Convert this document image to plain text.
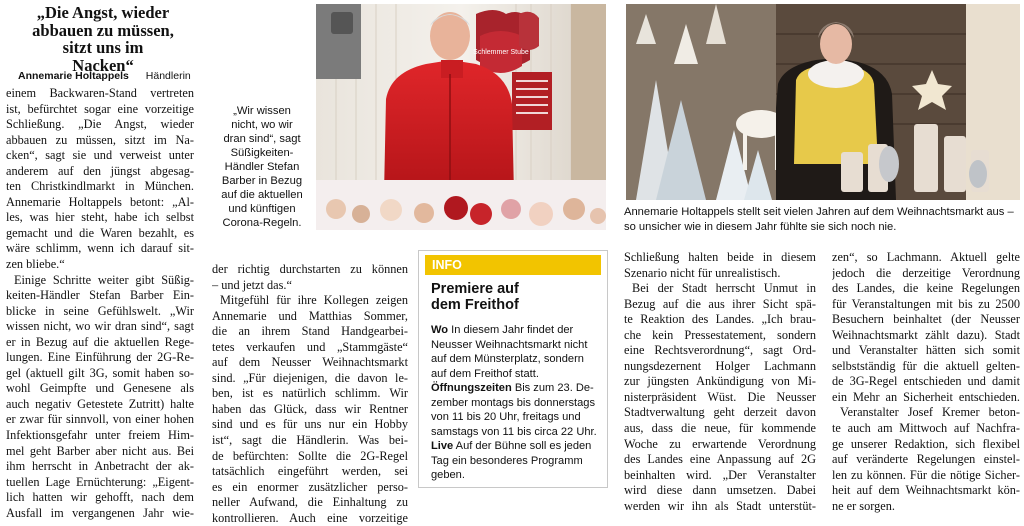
„Die Angst, wieder
abbauen zu müssen,
sitzt uns im
Nacken“
Annemarie Holtappels Händlerin
einem Backwaren-Stand vertreten
ist, befürchtet sogar eine vorzeitige
Schließung. „Die Angst, wieder
abbauen zu müssen, sitzt im Na-
cken“, sagt sie und verweist unter
anderem auf den jüngst abgesag-
ten Christkindlmarkt in München.
Annemarie Holtappels betont: „Al-
les, was hier steht, habe ich selbst
gemacht und die Waren bezahlt, es
wäre schlimm, wenn ich darauf sit-
zen bliebe.“
Einige Schritte weiter gibt Süßig-
keiten-Händler Stefan Barber Ein-
blicke in seine Gefühlswelt. „Wir
wissen nicht, wo wir dran sind“, sagt
er in Bezug auf die aktuellen Rege-
lungen. Eine Einführung der 2G-Re-
gel (aktuell gilt 3G, somit haben so-
wohl Geimpfte und Genesene als
auch negativ Getestete Zutritt) halte
er zwar für sinnvoll, von einer hohen
Infektionsgefahr unter freiem Him-
mel geht Barber aber nicht aus. Bei
ihm herrscht in Anbetracht der ak-
tuellen Lage Ernüchterung: „Eigent-
lich hatten wir gehofft, nach dem
Ausfall im vergangenen Jahr wie-
„Wir wissen
nicht, wo wir
dran sind“, sagt
Süßigkeiten-
Händler Stefan
Barber in Bezug
auf die aktuellen
und künftigen
Corona-Regeln.
der richtig durchstarten zu können
– und jetzt das.“
Mitgefühl für ihre Kollegen zeigen
Annemarie und Matthias Sommer,
die an ihrem Stand Handgearbei-
tetes verkaufen und „Stammgäste“
auf dem Neusser Weihnachtsmarkt
sind. „Für diejenigen, die davon le-
ben, ist es natürlich schlimm. Wir
haben das Glück, dass wir Rentner
sind und es für uns nur ein Hobby
ist“, sagt die Händlerin. Was bei-
de befürchten: Sollte die 2G-Regel
tatsächlich eingeführt werden, sei
es ein enormer zusätzlicher perso-
neller Aufwand, die Einhaltung zu
kontrollieren. Auch eine vorzeitige
Schlemmer Stube
Annemarie Holtappels stellt seit vielen Jahren auf dem Weihnachtsmarkt aus –
so unsicher wie in diesem Jahr fühlte sie sich noch nie.
INFO
Premiere auf
dem Freithof
Wo In diesem Jahr findet der
Neusser Weihnachtsmarkt nicht
auf dem Münsterplatz, sondern
auf dem Freithof statt.
Öffnungszeiten Bis zum 23. De-
zember montags bis donnerstags
von 11 bis 20 Uhr, freitags und
samstags von 11 bis circa 22 Uhr.
Live Auf der Bühne soll es jeden
Tag ein besonderes Programm
geben.
Schließung halten beide in diesem
Szenario nicht für unrealistisch.
Bei der Stadt herrscht Unmut in
Bezug auf die aus ihrer Sicht spä-
te Reaktion des Landes. „Ich brau-
che kein Pressestatement, sondern
eine Rechtsverordnung“, sagt Ord-
nungsdezernent Holger Lachmann
zur jüngsten Ankündigung von Mi-
nisterpräsident Wüst. Die Neusser
Stadtverwaltung geht derzeit davon
aus, dass die neue, für kommende
Woche zu erwartende Verordnung
des Landes eine Anpassung auf 2G
beinhalten wird. „Der Veranstalter
wird diese dann umsetzen. Dabei
werden wir ihn als Stadt unterstüt-
zen“, so Lachmann. Aktuell gelte
jedoch die derzeitige Verordnung
des Landes, die keine Regelungen
für Veranstaltungen mit bis zu 2500
Besuchern beinhaltet (der Neusser
Weihnachtsmarkt zählt dazu). Stadt
und Veranstalter hätten sich somit
selbstständig für die aktuell gelten-
de 3G-Regel entschieden und damit
ein Mehr an Sicherheit entschieden.
Veranstalter Josef Kremer beton-
te auch am Mittwoch auf Nachfra-
ge unserer Redaktion, sich flexibel
auf veränderte Regelungen einstel-
len zu können. Für die nötige Sicher-
heit auf dem Weihnachtsmarkt kön-
ne er sorgen.
